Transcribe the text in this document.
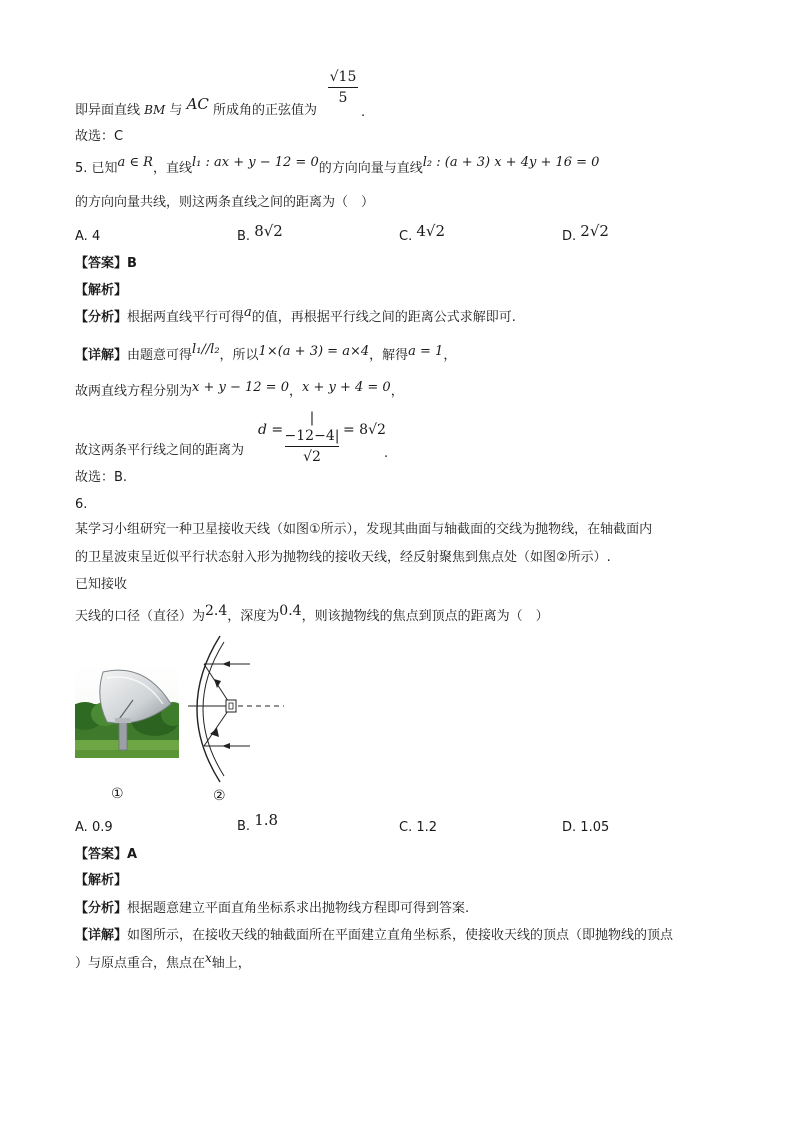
√15
5
即异面直线 BM 与 AC 所成角的正弦值为	.
故选：C
5. 已知a ∈ R，直线l₁ : ax + y − 12 = 0的方向向量与直线l₂ : (a + 3) x + 4y + 16 = 0
的方向向量共线，则这两条直线之间的距离为（　）
A. 4	B. 8√2	C. 4√2	D. 2√2
【答案】B
【解析】
【分析】根据两直线平行可得a的值，再根据平行线之间的距离公式求解即可.
【详解】由题意可得l₁//l₂，所以1×(a + 3) = a×4，解得a = 1，
故两直线方程分别为x + y − 12 = 0，x + y + 4 = 0，
故这两条平行线之间的距离为
d =
|−12−4|
√2
= 8√2
.
故选：B.
6.
某学习小组研究一种卫星接收天线（如图①所示），发现其曲面与轴截面的交线为抛物线，在轴截面内
的卫星波束呈近似平行状态射入形为抛物线的接收天线，经反射聚焦到焦点处（如图②所示）.
已知接收
天线的口径（直径）为2.4，深度为0.4，则该抛物线的焦点到顶点的距离为（　）
①	②
A. 0.9	B. 1.8	C. 1.2	D. 1.05
【答案】A
【解析】
【分析】根据题意建立平面直角坐标系求出抛物线方程即可得到答案.
【详解】如图所示，在接收天线的轴截面所在平面建立直角坐标系，使接收天线的顶点（即抛物线的顶点
）与原点重合，焦点在x轴上，
